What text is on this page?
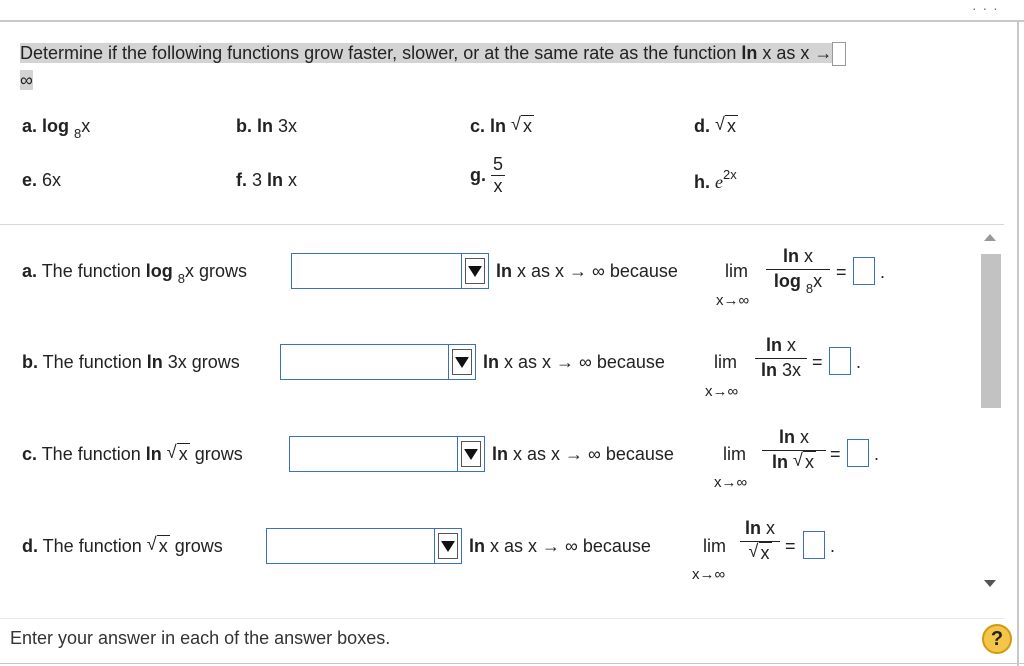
· · ·
Determine if the following functions grow faster, slower, or at the same rate as the function ln x as x →
∞
a. log $_8$x	b. ln 3x	c. ln √ x	d. √ x
e. 6x	f. 3 ln x	g. $\frac{5}{x}$	h. $e^{2x}$
a. The function log $_8$x grows	ln x as x → ∞ because	lim
x→∞
ln x
log $_8$x = .
b. The function ln 3x grows	ln x as x → ∞ because	lim
x→∞
ln x
ln 3x = .
c. The function ln √ x grows	ln x as x → ∞ because	lim
x→∞
ln x
ln √ x = .
d. The function √ x grows	ln x as x → ∞ because	lim
x→∞
ln x
√ x = .
Enter your answer in each of the answer boxes.	?
